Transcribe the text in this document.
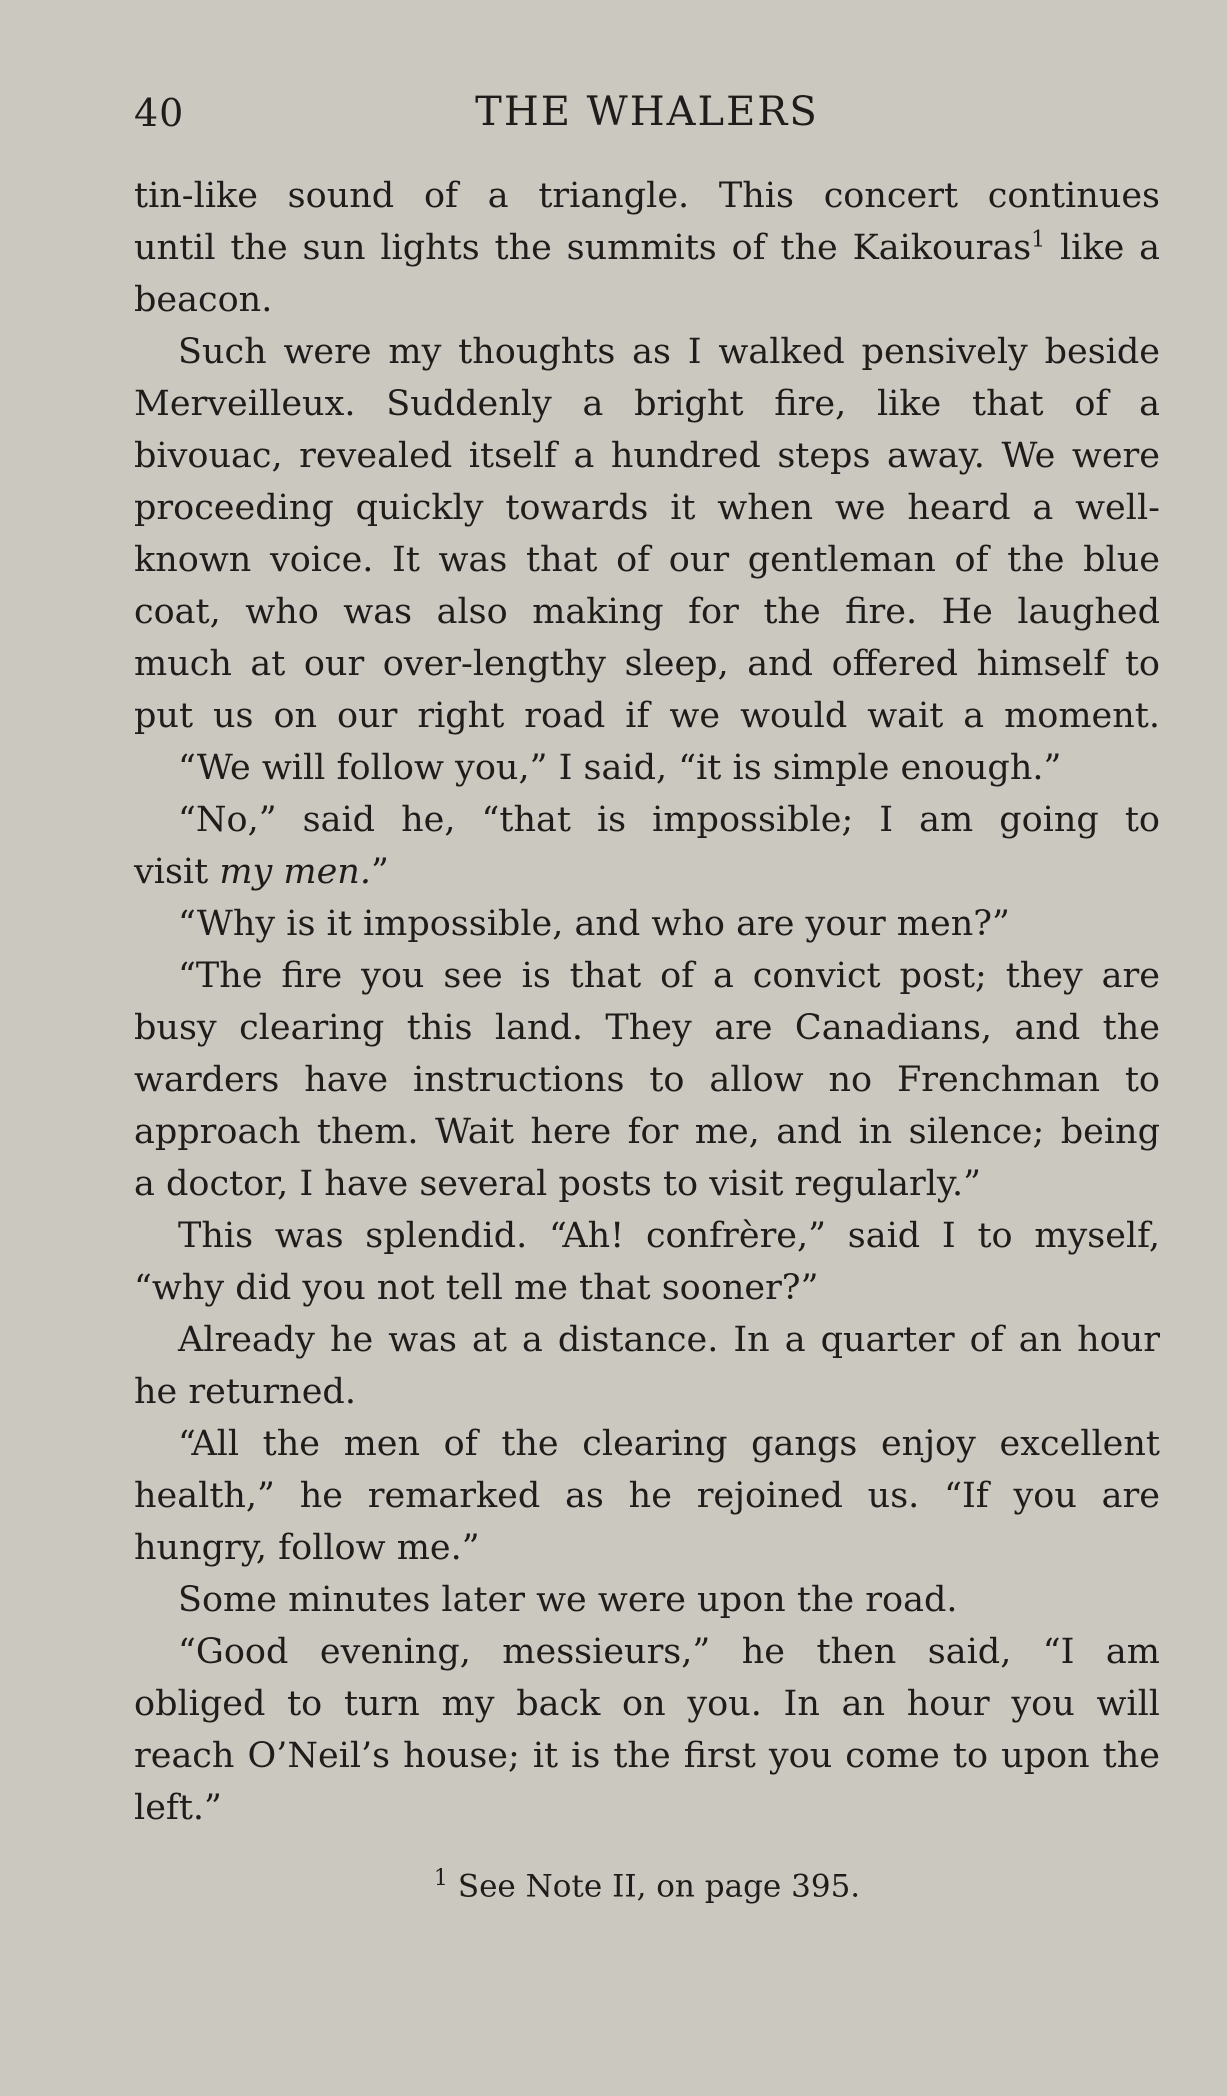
40	THE WHALERS
tin-like sound of a triangle. This concert continues
until the sun lights the summits of the Kaikouras$^1$ like a
beacon.
Such were my thoughts as I walked pensively beside
Merveilleux. Suddenly a bright fire, like that of a
bivouac, revealed itself a hundred steps away. We were
proceeding quickly towards it when we heard a well-
known voice. It was that of our gentleman of the blue
coat, who was also making for the fire. He laughed
much at our over-lengthy sleep, and offered himself to
put us on our right road if we would wait a moment.
“We will follow you,” I said, “it is simple enough.”
“No,” said he, “that is impossible; I am going to
visit my men.”
“Why is it impossible, and who are your men?”
“The fire you see is that of a convict post; they are
busy clearing this land. They are Canadians, and the
warders have instructions to allow no Frenchman to
approach them. Wait here for me, and in silence; being
a doctor, I have several posts to visit regularly.”
This was splendid. “Ah! confrère,” said I to myself,
“why did you not tell me that sooner?”
Already he was at a distance. In a quarter of an hour
he returned.
“All the men of the clearing gangs enjoy excellent
health,” he remarked as he rejoined us. “If you are
hungry, follow me.”
Some minutes later we were upon the road.
“Good evening, messieurs,” he then said, “I am
obliged to turn my back on you. In an hour you will
reach O’Neil’s house; it is the first you come to upon the
left.”
$^1$ See Note II, on page 395.
